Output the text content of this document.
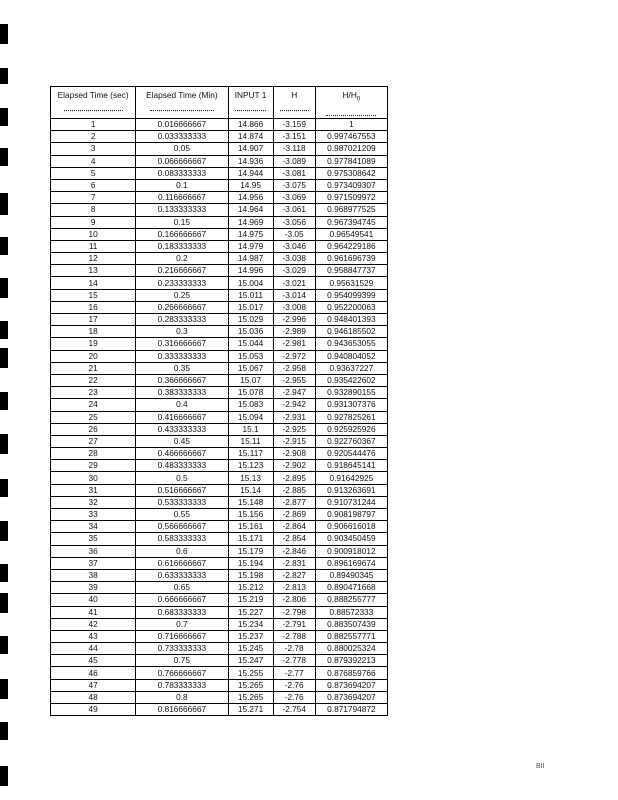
Elapsed Time (sec)	Elapsed Time (Min)	INPUT 1	H	$H/H_0$

1	0.016666667	14.866	-3.159	1
2	0.033333333	14.874	-3.151	0.997467553
3	0.05	14.907	-3.118	0.987021209
4	0.066666667	14.936	-3.089	0.977841089
5	0.083333333	14.944	-3.081	0.975308642
6	0.1	14.95	-3.075	0.973409307
7	0.116666667	14.956	-3.069	0.971509972
8	0.133333333	14.964	-3.061	0.968977525
9	0.15	14.969	-3.056	0.967394745
10	0.166666667	14.975	-3.05	0.96549541
11	0.183333333	14.979	-3.046	0.964229186
12	0.2	14.987	-3.038	0.961696739
13	0.216666667	14.996	-3.029	0.958847737
14	0.233333333	15.004	-3.021	0.95631529
15	0.25	15.011	-3.014	0.954099399
16	0.266666667	15.017	-3.008	0.952200063
17	0.283333333	15.029	-2.996	0.948401393
18	0.3	15.036	-2.989	0.946185502
19	0.316666667	15.044	-2.981	0.943653055
20	0.333333333	15.053	-2.972	0.940804052
21	0.35	15.067	-2.958	0.93637227
22	0.366666667	15.07	-2.955	0.935422602
23	0.383333333	15.078	-2.947	0.932890155
24	0.4	15.083	-2.942	0.931307376
25	0.416666667	15.094	-2.931	0.927825261
26	0.433333333	15.1	-2.925	0.925925926
27	0.45	15.11	-2.915	0.922760367
28	0.466666667	15.117	-2.908	0.920544476
29	0.483333333	15.123	-2.902	0.918645141
30	0.5	15.13	-2.895	0.91642925
31	0.516666667	15.14	-2.885	0.913263691
32	0.533333333	15.148	-2.877	0.910731244
33	0.55	15.156	-2.869	0.908198797
34	0.566666667	15.161	-2.864	0.906616018
35	0.583333333	15.171	-2.854	0.903450459
36	0.6	15.179	-2.846	0.900918012
37	0.616666667	15.194	-2.831	0.896169674
38	0.633333333	15.198	-2.827	0.89490345
39	0.65	15.212	-2.813	0.890471668
40	0.666666667	15.219	-2.806	0.888255777
41	0.683333333	15.227	-2.798	0.88572333
42	0.7	15.234	-2.791	0.883507439
43	0.716666667	15.237	-2.788	0.882557771
44	0.733333333	15.245	-2.78	0.880025324
45	0.75	15.247	-2.778	0.879392213
46	0.766666667	15.255	-2.77	0.876859766
47	0.783333333	15.265	-2.76	0.873694207
48	0.8	15.265	-2.76	0.873694207
49	0.816666667	15.271	-2.754	0.871794872
BII
